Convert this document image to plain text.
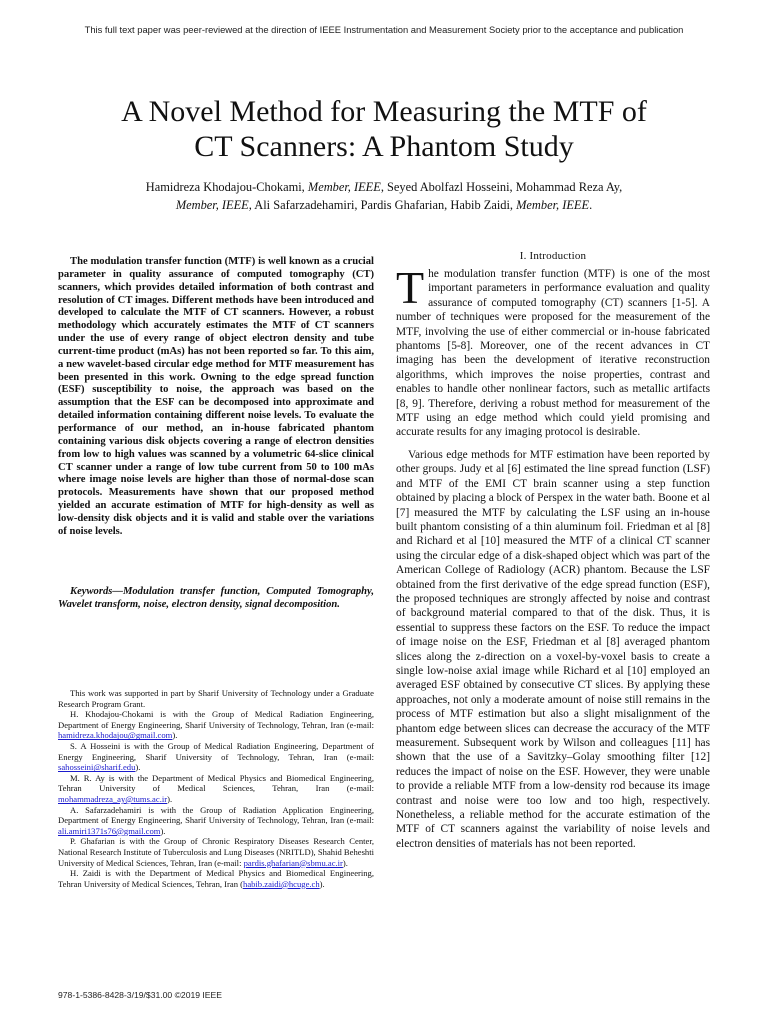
This full text paper was peer-reviewed at the direction of IEEE Instrumentation and Measurement Society prior to the acceptance and publication
A Novel Method for Measuring the MTF of
CT Scanners: A Phantom Study
Hamidreza Khodajou-Chokami, Member, IEEE, Seyed Abolfazl Hosseini, Mohammad Reza Ay,
Member, IEEE, Ali Safarzadehamiri, Pardis Ghafarian, Habib Zaidi, Member, IEEE.
The modulation transfer function (MTF) is well known as a crucial parameter in quality assurance of computed tomography (CT) scanners, which provides detailed information of both contrast and resolution of CT images. Different methods have been introduced and developed to calculate the MTF of CT scanners. However, a robust methodology which accurately estimates the MTF of CT scanners under the use of every range of object electron density and tube current-time product (mAs) has not been reported so far. To this aim, a new wavelet-based circular edge method for MTF measurement has been presented in this work. Owning to the edge spread function (ESF) susceptibility to noise, the approach was based on the assumption that the ESF can be decomposed into approximate and detailed information containing different noise levels. To evaluate the performance of our method, an in-house fabricated phantom containing various disk objects covering a range of electron densities from low to high values was scanned by a volumetric 64-slice clinical CT scanner under a range of low tube current from 50 to 100 mAs where image noise levels are higher than those of normal-dose scan protocols. Measurements have shown that our proposed method yielded an accurate estimation of MTF for high-density as well as low-density disk objects and it is valid and stable over the variations of noise levels.
Keywords—Modulation transfer function, Computed Tomography, Wavelet transform, noise, electron density, signal decomposition.

This work was supported in part by Sharif University of Technology under a Graduate Research Program Grant.

H. Khodajou-Chokami is with the Group of Medical Radiation Engineering, Department of Energy Engineering, Sharif University of Technology, Tehran, Iran (e-mail: hamidreza.khodajou@gmail.com).

S. A Hosseini is with the Group of Medical Radiation Engineering, Department of Energy Engineering, Sharif University of Technology, Tehran, Iran (e-mail: sahosseini@sharif.edu).

M. R. Ay is with the Department of Medical Physics and Biomedical Engineering, Tehran University of Medical Sciences, Tehran, Iran (e-mail: mohammadreza_ay@tums.ac.ir).

A. Safarzadehamiri is with the Group of Radiation Application Engineering, Department of Energy Engineering, Sharif University of Technology, Tehran, Iran (e-mail: ali.amiri1371s76@gmail.com).

P. Ghafarian is with the Group of Chronic Respiratory Diseases Research Center, National Research Institute of Tuberculosis and Lung Diseases (NRITLD), Shahid Beheshti University of Medical Sciences, Tehran, Iran (e-mail: pardis.ghafarian@sbmu.ac.ir).

H. Zaidi is with the Department of Medical Physics and Biomedical Engineering, Tehran University of Medical Sciences, Tehran, Iran (habib.zaidi@hcuge.ch).

I. Introduction

The modulation transfer function (MTF) is one of the most important parameters in performance evaluation and quality assurance of computed tomography (CT) scanners [1-5]. A number of techniques were proposed for the measurement of the MTF, involving the use of either commercial or in-house fabricated phantoms [5-8]. Moreover, one of the recent advances in CT imaging has been the development of iterative reconstruction algorithms, which improves the noise properties, contrast and enables to handle other nonlinear factors, such as metallic artifacts [8, 9]. Therefore, deriving a robust method for measurement of the MTF using an edge method which could yield promising and accurate results for any imaging protocol is desirable.

Various edge methods for MTF estimation have been reported by other groups. Judy et al [6] estimated the line spread function (LSF) and MTF of the EMI CT brain scanner using a step function obtained by placing a block of Perspex in the water bath. Boone et al [7] measured the MTF by calculating the LSF using an in-house built phantom consisting of a thin aluminum foil. Friedman et al [8] and Richard et al [10] measured the MTF of a clinical CT scanner using the circular edge of a disk-shaped object which was part of the American College of Radiology (ACR) phantom. Because the LSF obtained from the first derivative of the edge spread function (ESF), the proposed techniques are strongly affected by noise and contrast of background material compared to that of the disk. Thus, it is essential to suppress these factors on the ESF. To reduce the impact of image noise on the ESF, Friedman et al [8] averaged phantom slices along the z-direction on a voxel-by-voxel basis to create a single low-noise axial image while Richard et al [10] employed an averaged ESF obtained by consecutive CT slices. By applying these approaches, not only a moderate amount of noise still remains in the process of MTF estimation but also a slight misalignment of the phantom edge between slices can decrease the accuracy of the MTF measurement. Subsequent work by Wilson and colleagues [11] has shown that the use of a Savitzky–Golay smoothing filter [12] reduces the impact of noise on the ESF. However, they were unable to provide a reliable MTF from a low-density rod because its image contrast and noise were too low and too high, respectively. Nonetheless, a reliable method for the accurate estimation of the MTF of CT scanners against the variability of noise levels and electron densities of materials has not been reported.

978-1-5386-8428-3/19/$31.00 ©2019 IEEE
